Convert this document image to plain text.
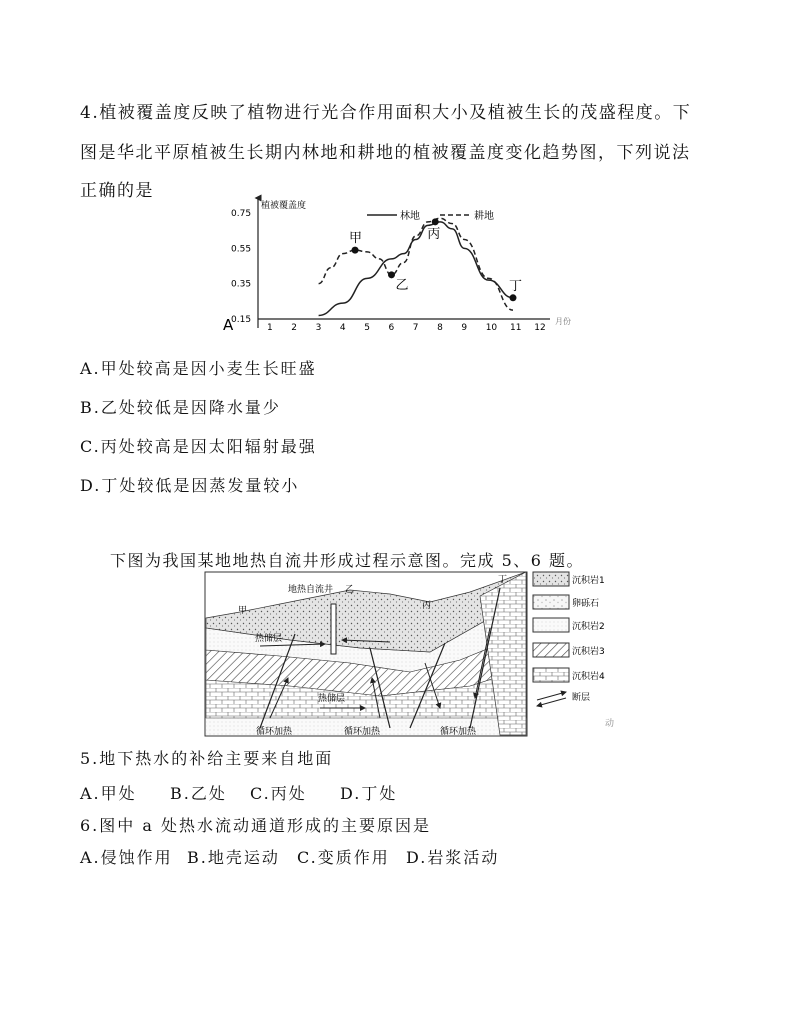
4.植被覆盖度反映了植物进行光合作用面积大小及植被生长的茂盛程度。下
图是华北平原植被生长期内林地和耕地的植被覆盖度变化趋势图，下列说法
正确的是
植被覆盖度
月份
A
林地	耕地
1 2 3 4 5 6 7 8 9 10 11 12
0.15
0.35
0.55
0.75
甲
乙
丙
丁
A.甲处较高是因小麦生长旺盛
B.乙处较低是因降水量少
C.丙处较高是因太阳辐射最强
D.丁处较低是因蒸发量较小
下图为我国某地地热自流井形成过程示意图。完成 5、6 题。
地热自流井
甲
乙
丙
丁
热储层
热储层
循环加热	循环加热	循环加热
沉积岩1
卵砾石
沉积岩2
沉积岩3
沉积岩4
断层
动
5.地下热水的补给主要来自地面
A.甲处 B.乙处 C.丙处 D.丁处
6.图中 a 处热水流动通道形成的主要原因是
A.侵蚀作用 B.地壳运动 C.变质作用 D.岩浆活动
